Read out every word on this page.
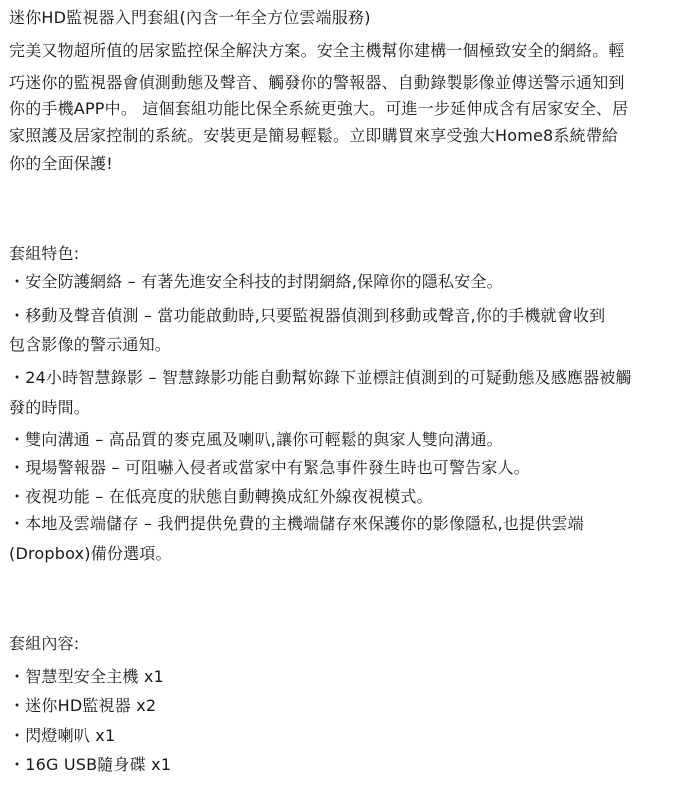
迷你HD監視器入門套組(內含一年全方位雲端服務)
完美又物超所值的居家監控保全解決方案。安全主機幫你建構一個極致安全的網絡。輕
巧迷你的監視器會偵測動態及聲音、觸發你的警報器、自動錄製影像並傳送警示通知到
你的手機APP中。 這個套組功能比保全系統更強大。可進一步延伸成含有居家安全、居
家照護及居家控制的系統。安裝更是簡易輕鬆。立即購買來享受強大Home8系統帶給
你的全面保護!
套組特色:
・安全防護網絡 – 有著先進安全科技的封閉網絡,保障你的隱私安全。
・移動及聲音偵測 – 當功能啟動時,只要監視器偵測到移動或聲音,你的手機就會收到
包含影像的警示通知。
・24小時智慧錄影 – 智慧錄影功能自動幫妳錄下並標註偵測到的可疑動態及感應器被觸
發的時間。
・雙向溝通 – 高品質的麥克風及喇叭,讓你可輕鬆的與家人雙向溝通。
・現場警報器 – 可阻嚇入侵者或當家中有緊急事件發生時也可警告家人。
・夜視功能 – 在低亮度的狀態自動轉換成紅外線夜視模式。
・本地及雲端儲存 – 我們提供免費的主機端儲存來保護你的影像隱私,也提供雲端
(Dropbox)備份選項。
套組內容:
・智慧型安全主機 x1
・迷你HD監視器 x2
・閃燈喇叭 x1
・16G USB隨身碟 x1
